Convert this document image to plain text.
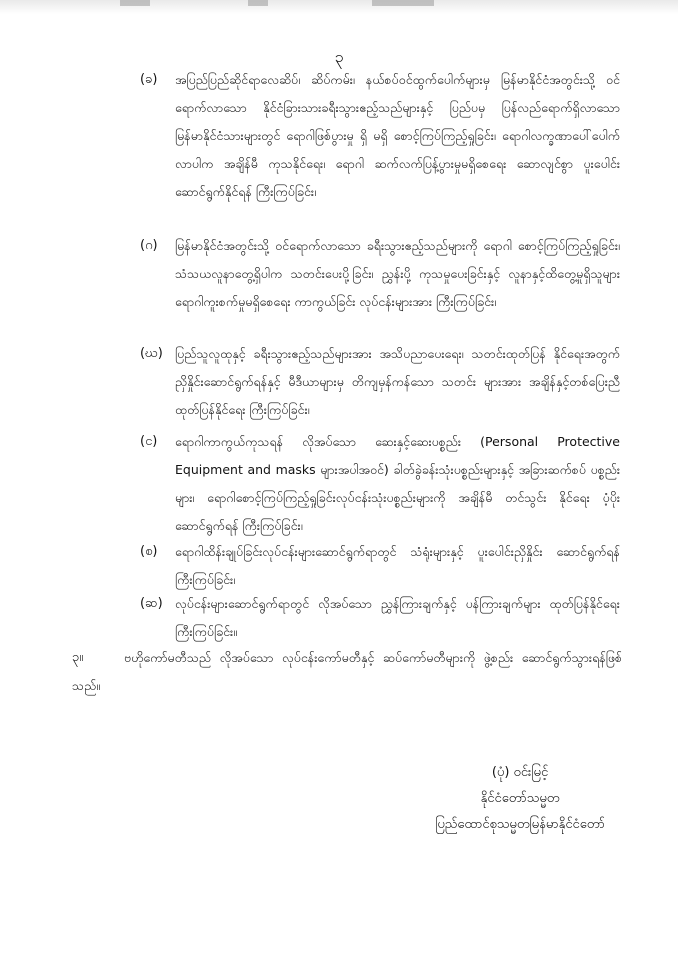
၃
(ခ)	အပြည်ပြည်ဆိုင်ရာလေဆိပ်၊ ဆိပ်ကမ်း၊ နယ်စပ်ဝင်ထွက်ပေါက်များမှ မြန်မာနိုင်ငံအတွင်းသို့ ဝင်ရောက်လာသော နိုင်ငံခြားသားခရီးသွားဧည့်သည်များနှင့် ပြည်ပမှ ပြန်လည်ရောက်ရှိလာသော မြန်မာနိုင်ငံသားများတွင် ရောဂါဖြစ်ပွားမှု ရှိ မရှိ စောင့်ကြပ်ကြည့်ရှုခြင်း၊ ရောဂါလက္ခဏာပေါ်ပေါက်လာပါက အချိန်မီ ကုသနိုင်ရေး၊ ရောဂါ ဆက်လက်ပြန့်ပွားမှုမရှိစေရေး ဆောလျင်စွာ ပူးပေါင်းဆောင်ရွက်နိုင်ရန် ကြီးကြပ်ခြင်း၊
(ဂ)	မြန်မာနိုင်ငံအတွင်းသို့ ဝင်ရောက်လာသော ခရီးသွားဧည့်သည်များကို ရောဂါ စောင့်ကြပ်ကြည့်ရှုခြင်း၊ သံသယလူနာတွေ့ရှိပါက သတင်းပေးပို့ခြင်း၊ ညွှန်းပို့ ကုသမှုပေးခြင်းနှင့် လူနာနှင့်ထိတွေ့မှုရှိသူများ ရောဂါကူးစက်မှုမရှိစေရေး ကာကွယ်ခြင်း လုပ်ငန်းများအား ကြီးကြပ်ခြင်း၊
(ဃ) ပြည်သူလူထုနှင့် ခရီးသွားဧည့်သည်များအား အသိပညာပေးရေး၊ သတင်းထုတ်ပြန် နိုင်ရေးအတွက် ညှိနှိုင်းဆောင်ရွက်ရန်နှင့် မီဒီယာများမှ တိကျမှန်ကန်သော သတင်း များအား အချိန်နှင့်တစ်ပြေးညီ ထုတ်ပြန်နိုင်ရေး ကြီးကြပ်ခြင်း၊
(င)	ရောဂါကာကွယ်ကုသရန် လိုအပ်သော ဆေးနှင့်ဆေးပစ္စည်း (Personal Protective Equipment and masks များအပါအဝင်) ခါတ်ခွဲခန်းသုံးပစ္စည်းများနှင့် အခြားဆက်စပ် ပစ္စည်းများ၊ ရောဂါစောင့်ကြပ်ကြည့်ရှုခြင်းလုပ်ငန်းသုံးပစ္စည်းများကို အချိန်မီ တင်သွင်း နိုင်ရေး ပံ့ပိုးဆောင်ရွက်ရန် ကြီးကြပ်ခြင်း၊
(စ)	ရောဂါထိန်းချုပ်ခြင်းလုပ်ငန်းများဆောင်ရွက်ရာတွင် သံရုံးများနှင့် ပူးပေါင်းညှိနှိုင်း ဆောင်ရွက်ရန် ကြီးကြပ်ခြင်း၊
(ဆ) လုပ်ငန်းများဆောင်ရွက်ရာတွင် လိုအပ်သော ညွှန်ကြားချက်နှင့် ပန်ကြားချက်များ ထုတ်ပြန်နိုင်ရေး ကြီးကြပ်ခြင်း။
၃။	ဗဟိုကော်မတီသည် လိုအပ်သော လုပ်ငန်းကော်မတီနှင့် ဆပ်ကော်မတီများကို ဖွဲ့စည်း ဆောင်ရွက်သွားရန်ဖြစ်သည်။
(ပုံ) ဝင်းမြင့်
နိုင်ငံတော်သမ္မတ
ပြည်ထောင်စုသမ္မတမြန်မာနိုင်ငံတော်
